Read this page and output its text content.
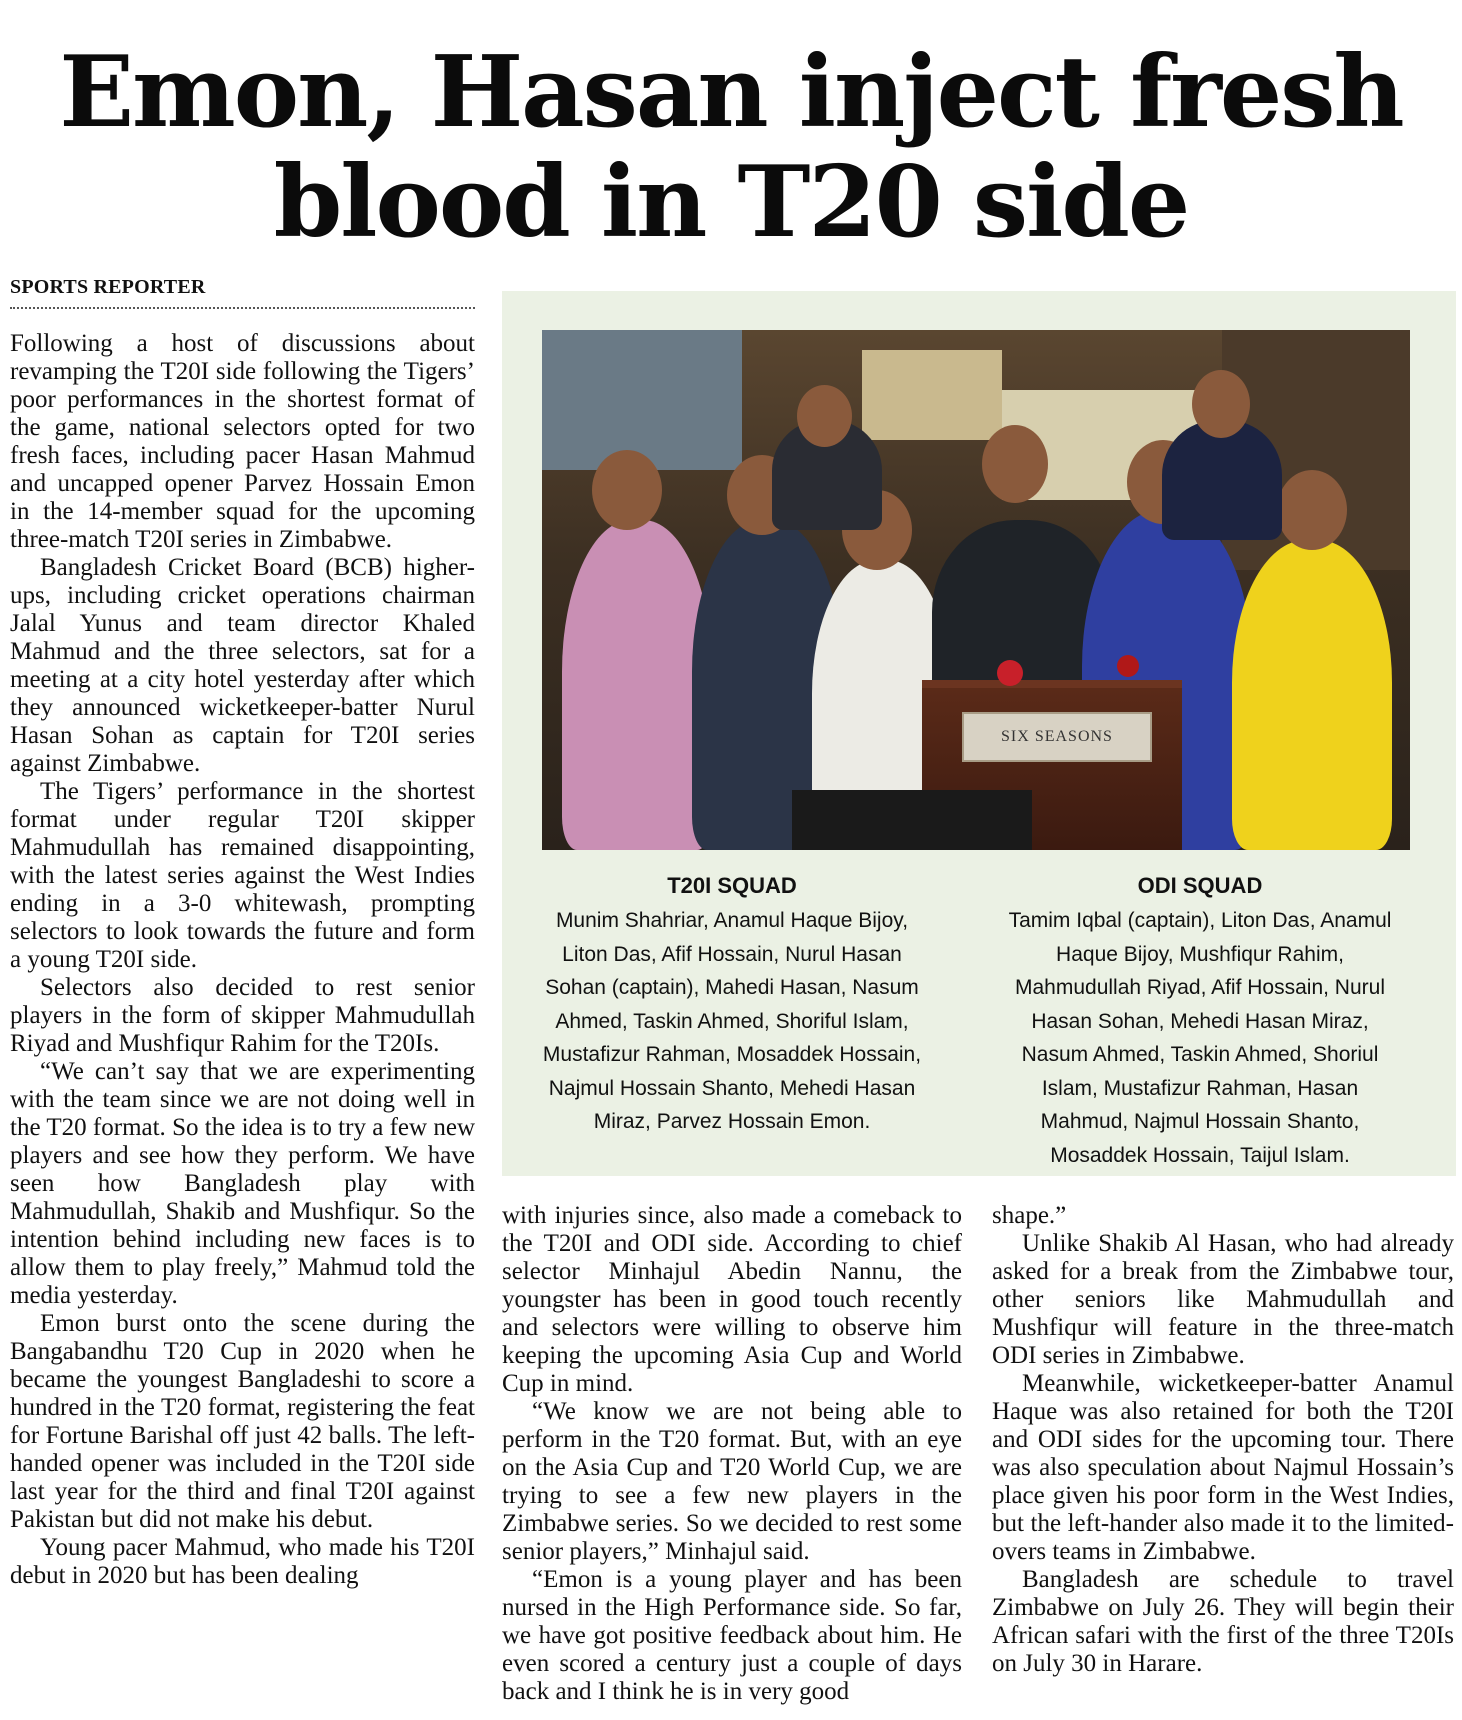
Emon, Hasan inject fresh
blood in T20 side
SPORTS REPORTER

Following a host of discussions about revamping the T20I side following the Tigers’ poor performances in the shortest format of the game, national selectors opted for two fresh faces, including pacer Hasan Mahmud and uncapped opener Parvez Hossain Emon in the 14-member squad for the upcoming three-match T20I series in Zimbabwe.

Bangladesh Cricket Board (BCB) higher-ups, including cricket operations chairman Jalal Yunus and team director Khaled Mahmud and the three selectors, sat for a meeting at a city hotel yesterday after which they announced wicketkeeper-batter Nurul Hasan Sohan as captain for T20I series against Zimbabwe.

The Tigers’ performance in the shortest format under regular T20I skipper Mahmudullah has remained disappointing, with the latest series against the West Indies ending in a 3-0 whitewash, prompting selectors to look towards the future and form a young T20I side.

Selectors also decided to rest senior players in the form of skipper Mahmudullah Riyad and Mushfiqur Rahim for the T20Is.

“We can’t say that we are experimenting with the team since we are not doing well in the T20 format. So the idea is to try a few new players and see how they perform. We have seen how Bangladesh play with Mahmudullah, Shakib and Mushfiqur. So the intention behind including new faces is to allow them to play freely,” Mahmud told the media yesterday.

Emon burst onto the scene during the Bangabandhu T20 Cup in 2020 when he became the youngest Bangladeshi to score a hundred in the T20 format, registering the feat for Fortune Barishal off just 42 balls. The left-handed opener was included in the T20I side last year for the third and final T20I against Pakistan but did not make his debut.

Young pacer Mahmud, who made his T20I debut in 2020 but has been dealing

SIX SEASONS
T20I SQUAD
Munim Shahriar, Anamul Haque Bijoy, Liton Das, Afif Hossain, Nurul Hasan Sohan (captain), Mahedi Hasan, Nasum Ahmed, Taskin Ahmed, Shoriful Islam, Mustafizur Rahman, Mosaddek Hossain, Najmul Hossain Shanto, Mehedi Hasan Miraz, Parvez Hossain Emon.
ODI SQUAD
Tamim Iqbal (captain), Liton Das, Anamul Haque Bijoy, Mushfiqur Rahim, Mahmudullah Riyad, Afif Hossain, Nurul Hasan Sohan, Mehedi Hasan Miraz, Nasum Ahmed, Taskin Ahmed, Shoriul Islam, Mustafizur Rahman, Hasan Mahmud, Najmul Hossain Shanto, Mosaddek Hossain, Taijul Islam.

with injuries since, also made a comeback to the T20I and ODI side. According to chief selector Minhajul Abedin Nannu, the youngster has been in good touch recently and selectors were willing to observe him keeping the upcoming Asia Cup and World Cup in mind.

“We know we are not being able to perform in the T20 format. But, with an eye on the Asia Cup and T20 World Cup, we are trying to see a few new players in the Zimbabwe series. So we decided to rest some senior players,” Minhajul said.

“Emon is a young player and has been nursed in the High Performance side. So far, we have got positive feedback about him. He even scored a century just a couple of days back and I think he is in very good

shape.”

Unlike Shakib Al Hasan, who had already asked for a break from the Zimbabwe tour, other seniors like Mahmudullah and Mushfiqur will feature in the three-match ODI series in Zimbabwe.

Meanwhile, wicketkeeper-batter Anamul Haque was also retained for both the T20I and ODI sides for the upcoming tour. There was also speculation about Najmul Hossain’s place given his poor form in the West Indies, but the left-hander also made it to the limited-overs teams in Zimbabwe.

Bangladesh are schedule to travel Zimbabwe on July 26. They will begin their African safari with the first of the three T20Is on July 30 in Harare.
